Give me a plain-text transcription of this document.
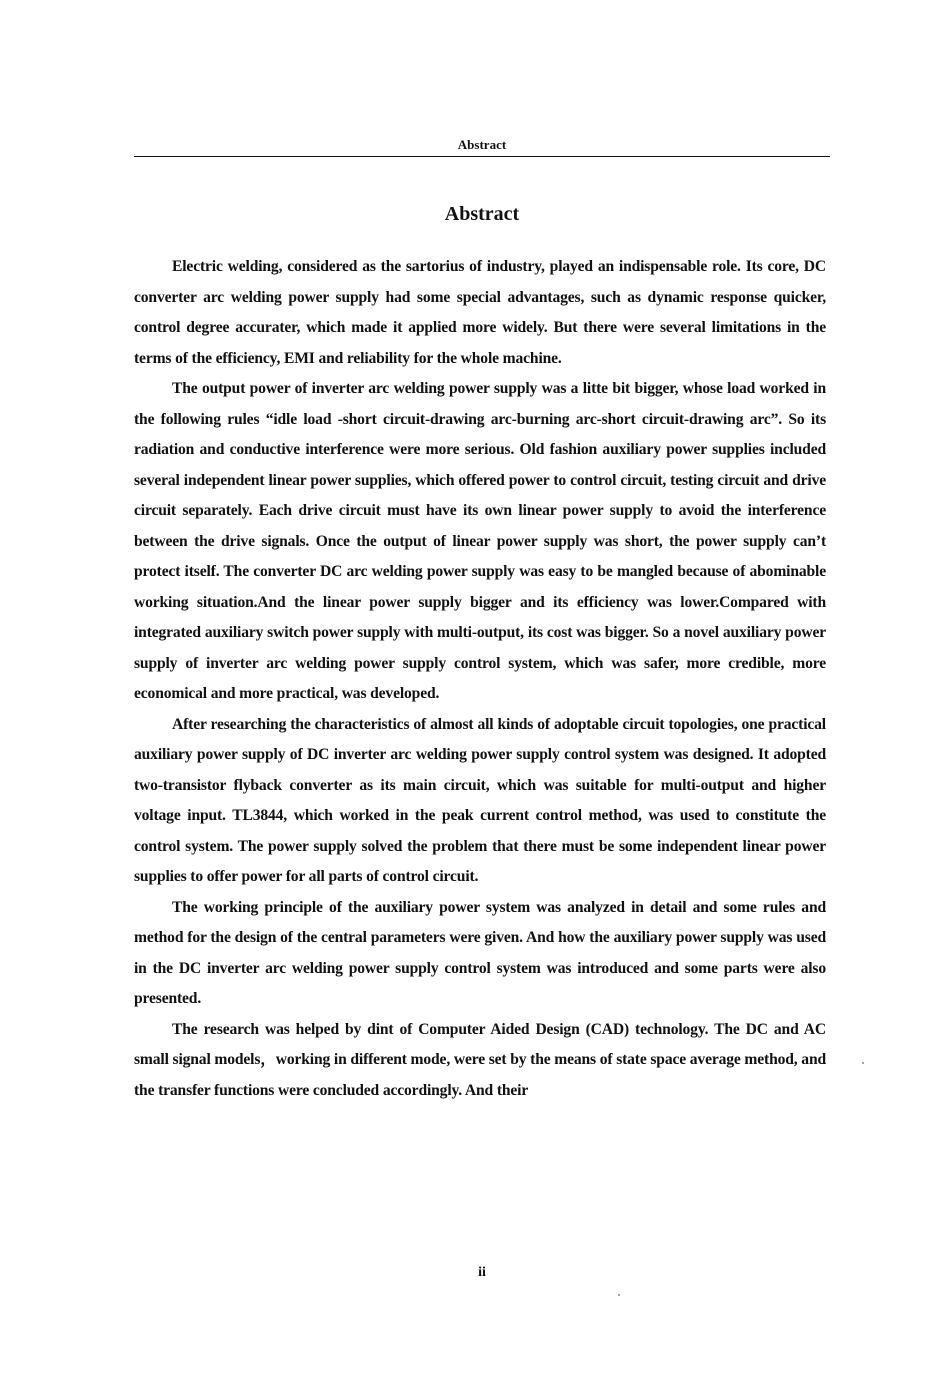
Abstract
Abstract

Electric welding, considered as the sartorius of industry, played an indispensable role. Its core, DC converter arc welding power supply had some special advantages, such as dynamic response quicker, control degree accurater, which made it applied more widely. But there were several limitations in the terms of the efficiency, EMI and reliability for the whole machine.

The output power of inverter arc welding power supply was a litte bit bigger, whose load worked in the following rules “idle load -short circuit-drawing arc-burning arc-short circuit-drawing arc”. So its radiation and conductive interference were more serious. Old fashion auxiliary power supplies included several independent linear power supplies, which offered power to control circuit, testing circuit and drive circuit separately. Each drive circuit must have its own linear power supply to avoid the interference between the drive signals. Once the output of linear power supply was short, the power supply can’t protect itself. The converter DC arc welding power supply was easy to be mangled because of abominable working situation.And the linear power supply bigger and its efficiency was lower.Compared with integrated auxiliary switch power supply with multi-output, its cost was bigger. So a novel auxiliary power supply of inverter arc welding power supply control system, which was safer, more credible, more economical and more practical, was developed.

After researching the characteristics of almost all kinds of adoptable circuit topologies, one practical auxiliary power supply of DC inverter arc welding power supply control system was designed. It adopted two-transistor flyback converter as its main circuit, which was suitable for multi-output and higher voltage input. TL3844, which worked in the peak current control method, was used to constitute the control system. The power supply solved the problem that there must be some independent linear power supplies to offer power for all parts of control circuit.

The working principle of the auxiliary power system was analyzed in detail and some rules and method for the design of the central parameters were given. And how the auxiliary power supply was used in the DC inverter arc welding power supply control system was introduced and some parts were also presented.

The research was helped by dint of Computer Aided Design (CAD) technology. The DC and AC small signal models，working in different mode, were set by the means of state space average method, and the transfer functions were concluded accordingly. And their

ii
